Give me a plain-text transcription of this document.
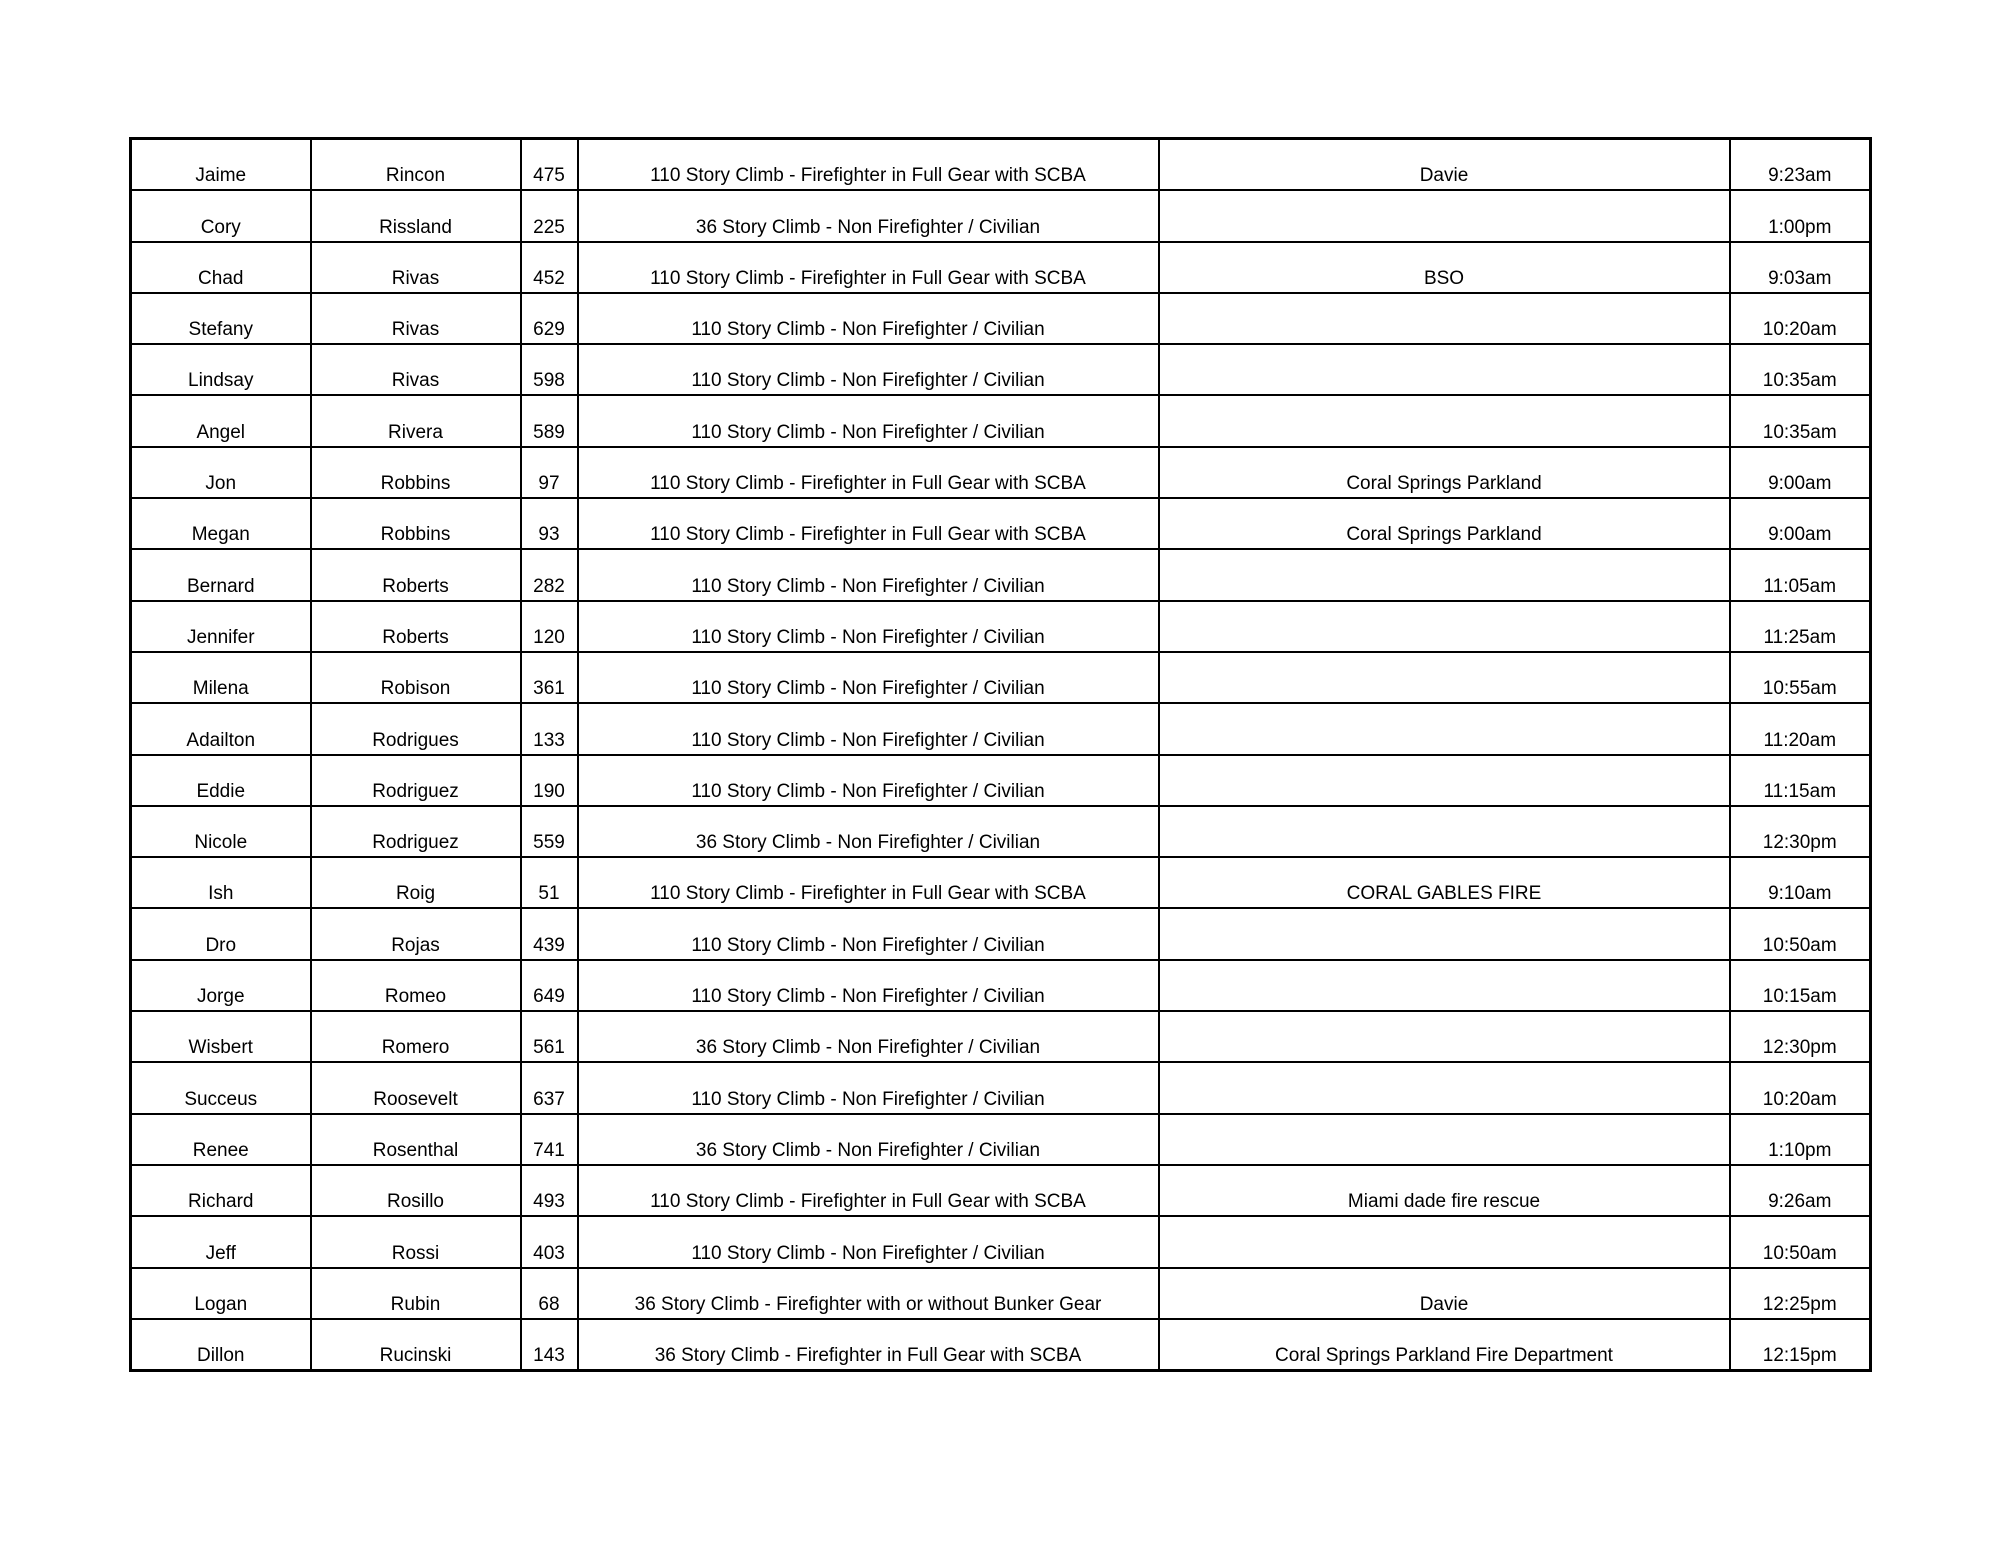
Jaime	Rincon	475	110 Story Climb - Firefighter in Full Gear with SCBA	Davie	9:23am
Cory	Rissland	225	36 Story Climb - Non Firefighter / Civilian		1:00pm
Chad	Rivas	452	110 Story Climb - Firefighter in Full Gear with SCBA	BSO	9:03am
Stefany	Rivas	629	110 Story Climb - Non Firefighter / Civilian		10:20am
Lindsay	Rivas	598	110 Story Climb - Non Firefighter / Civilian		10:35am
Angel	Rivera	589	110 Story Climb - Non Firefighter / Civilian		10:35am
Jon	Robbins	97	110 Story Climb - Firefighter in Full Gear with SCBA	Coral Springs Parkland	9:00am
Megan	Robbins	93	110 Story Climb - Firefighter in Full Gear with SCBA	Coral Springs Parkland	9:00am
Bernard	Roberts	282	110 Story Climb - Non Firefighter / Civilian		11:05am
Jennifer	Roberts	120	110 Story Climb - Non Firefighter / Civilian		11:25am
Milena	Robison	361	110 Story Climb - Non Firefighter / Civilian		10:55am
Adailton	Rodrigues	133	110 Story Climb - Non Firefighter / Civilian		11:20am
Eddie	Rodriguez	190	110 Story Climb - Non Firefighter / Civilian		11:15am
Nicole	Rodriguez	559	36 Story Climb - Non Firefighter / Civilian		12:30pm
Ish	Roig	51	110 Story Climb - Firefighter in Full Gear with SCBA	CORAL GABLES FIRE	9:10am
Dro	Rojas	439	110 Story Climb - Non Firefighter / Civilian		10:50am
Jorge	Romeo	649	110 Story Climb - Non Firefighter / Civilian		10:15am
Wisbert	Romero	561	36 Story Climb - Non Firefighter / Civilian		12:30pm
Succeus	Roosevelt	637	110 Story Climb - Non Firefighter / Civilian		10:20am
Renee	Rosenthal	741	36 Story Climb - Non Firefighter / Civilian		1:10pm
Richard	Rosillo	493	110 Story Climb - Firefighter in Full Gear with SCBA	Miami dade fire rescue	9:26am
Jeff	Rossi	403	110 Story Climb - Non Firefighter / Civilian		10:50am
Logan	Rubin	68	36 Story Climb - Firefighter with or without Bunker Gear	Davie	12:25pm
Dillon	Rucinski	143	36 Story Climb - Firefighter in Full Gear with SCBA	Coral Springs Parkland Fire Department	12:15pm
